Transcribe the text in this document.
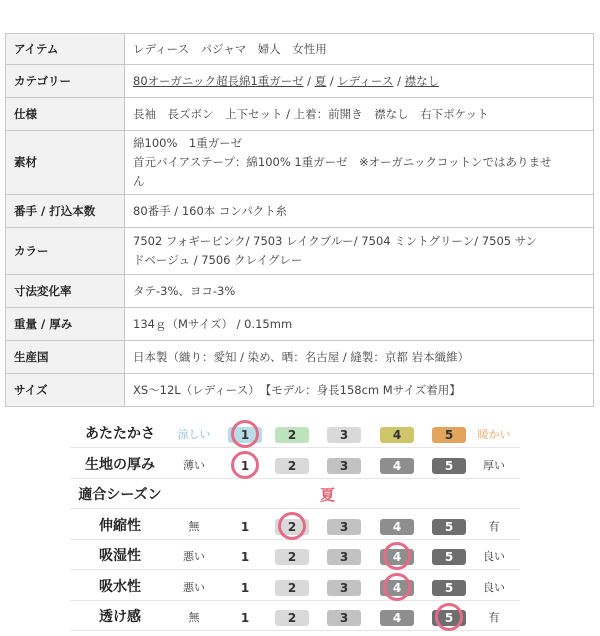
アイテム	レディース　パジャマ　婦人　女性用

カテゴリー	80オーガニック超長綿1重ガーゼ / 夏 / レディース / 襟なし
仕様	長袖　長ズボン　上下セット / 上着：前開き　襟なし　右下ポケット

素材	綿100%　1重ガーゼ
首元バイアステープ：綿100% 1重ガーゼ　※オーガニックコットンではありませ
ん

番手 / 打込本数	80番手 / 160本 コンパクト糸

カラー	7502 フォギーピンク/ 7503 レイクブルー/ 7504 ミントグリーン/ 7505 サン
ドベージュ / 7506 クレイグレー

寸法変化率	タテ-3%、ヨコ-3%

重量 / 厚み	134ｇ（Mサイズ） / 0.15mm

生産国	日本製（織り：愛知 / 染め、晒：名古屋 / 縫製：京都 岩本織維）

サイズ	XS～12L（レディース）　【モデル：身長158cm Mサイズ着用】
あたたかさ	涼しい	1	2	3	4	5	暖かい
生地の厚み	薄い	1	2	3	4	5	厚い
適合シーズン	夏
伸縮性	無	1	2	3	4	5	有
吸湿性	悪い	1	2	3	4	5	良い
吸水性	悪い	1	2	3	4	5	良い
透け感	無	1	2	3	4	5	有
